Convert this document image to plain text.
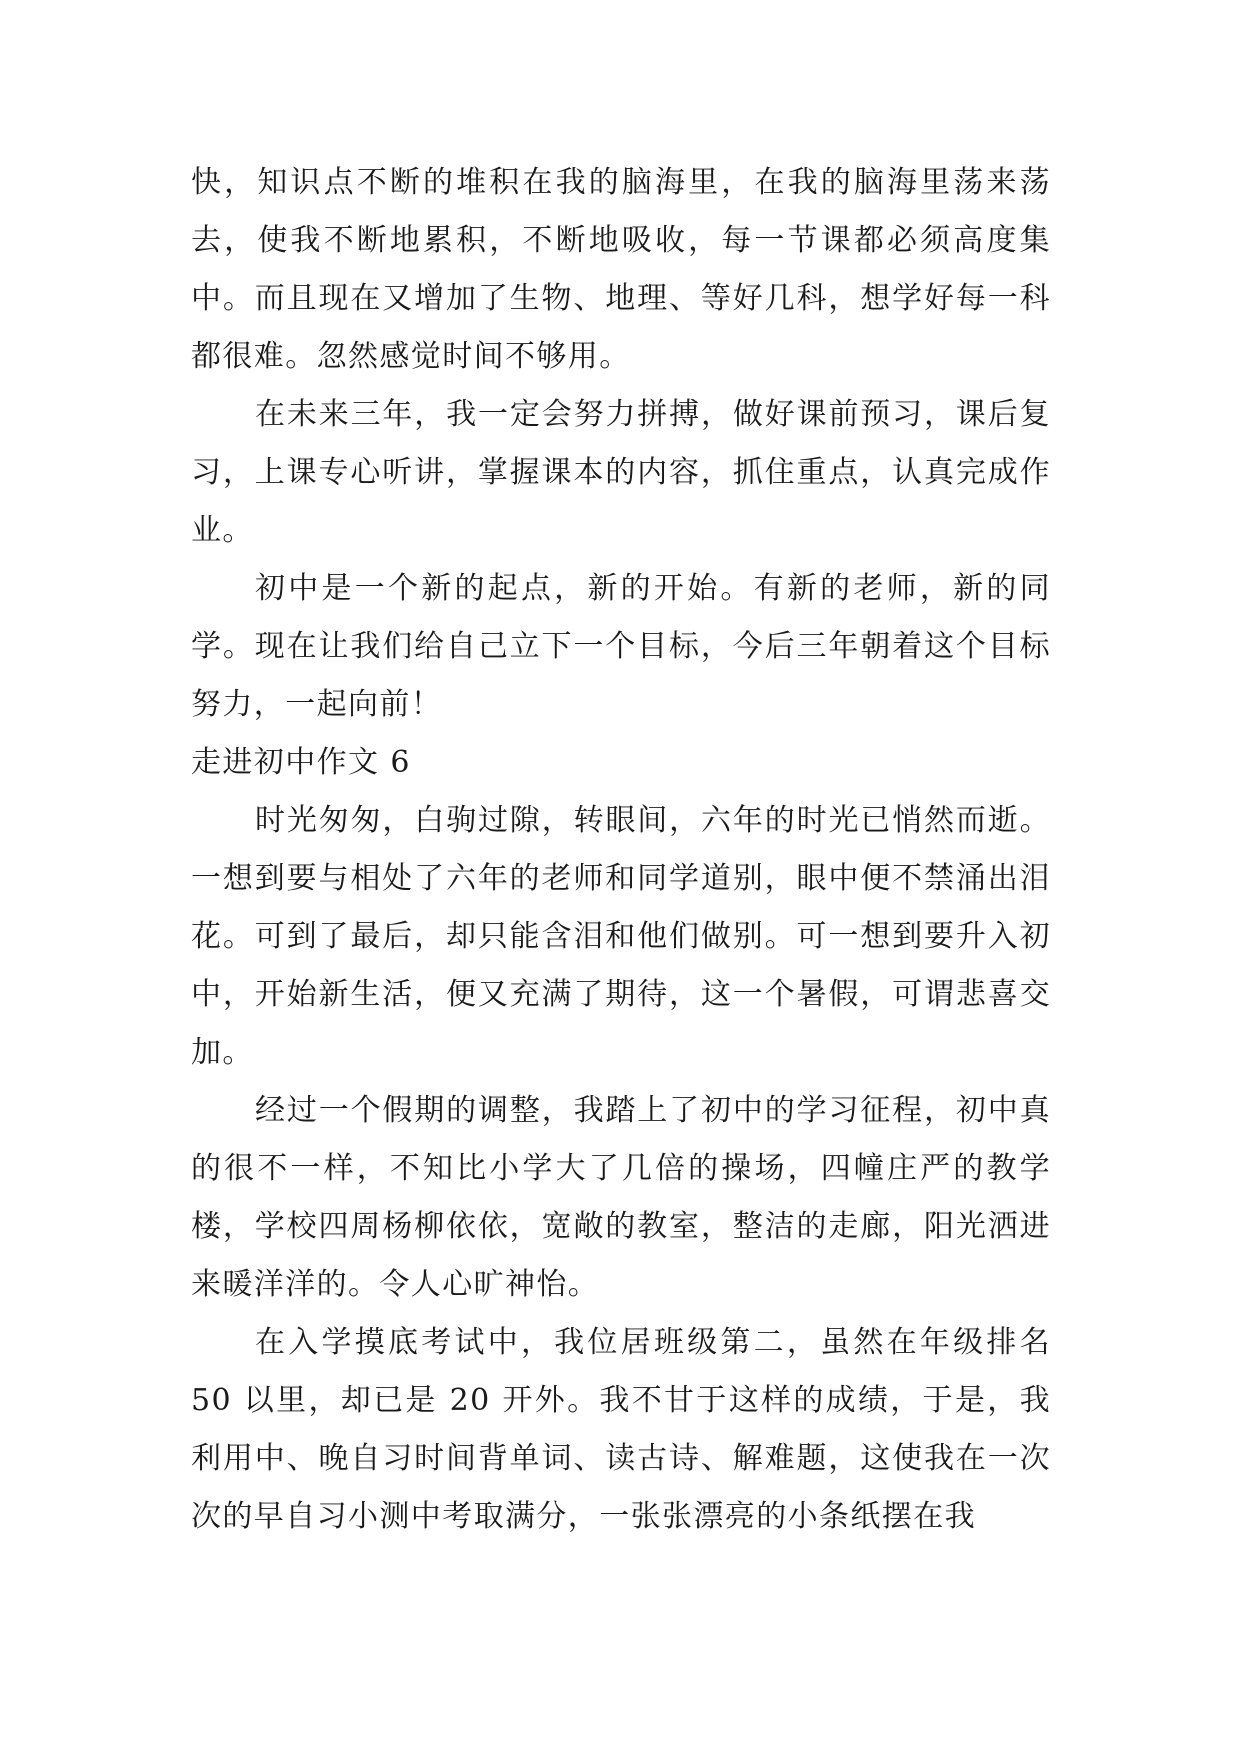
快，知识点不断的堆积在我的脑海里，在我的脑海里荡来荡去，使我不断地累积，不断地吸收，每一节课都必须高度集中。而且现在又增加了生物、地理、等好几科，想学好每一科都很难。忽然感觉时间不够用。

在未来三年，我一定会努力拼搏，做好课前预习，课后复习，上课专心听讲，掌握课本的内容，抓住重点，认真完成作业。

初中是一个新的起点，新的开始。有新的老师，新的同学。现在让我们给自己立下一个目标，今后三年朝着这个目标努力，一起向前！

走进初中作文 6

时光匆匆，白驹过隙，转眼间，六年的时光已悄然而逝。一想到要与相处了六年的老师和同学道别，眼中便不禁涌出泪花。可到了最后，却只能含泪和他们做别。可一想到要升入初中，开始新生活，便又充满了期待，这一个暑假，可谓悲喜交加。

经过一个假期的调整，我踏上了初中的学习征程，初中真的很不一样，不知比小学大了几倍的操场，四幢庄严的教学楼，学校四周杨柳依依，宽敞的教室，整洁的走廊，阳光洒进来暖洋洋的。令人心旷神怡。

在入学摸底考试中，我位居班级第二，虽然在年级排名 50 以里，却已是 20 开外。我不甘于这样的成绩，于是，我利用中、晚自习时间背单词、读古诗、解难题，这使我在一次次的早自习小测中考取满分，一张张漂亮的小条纸摆在我
